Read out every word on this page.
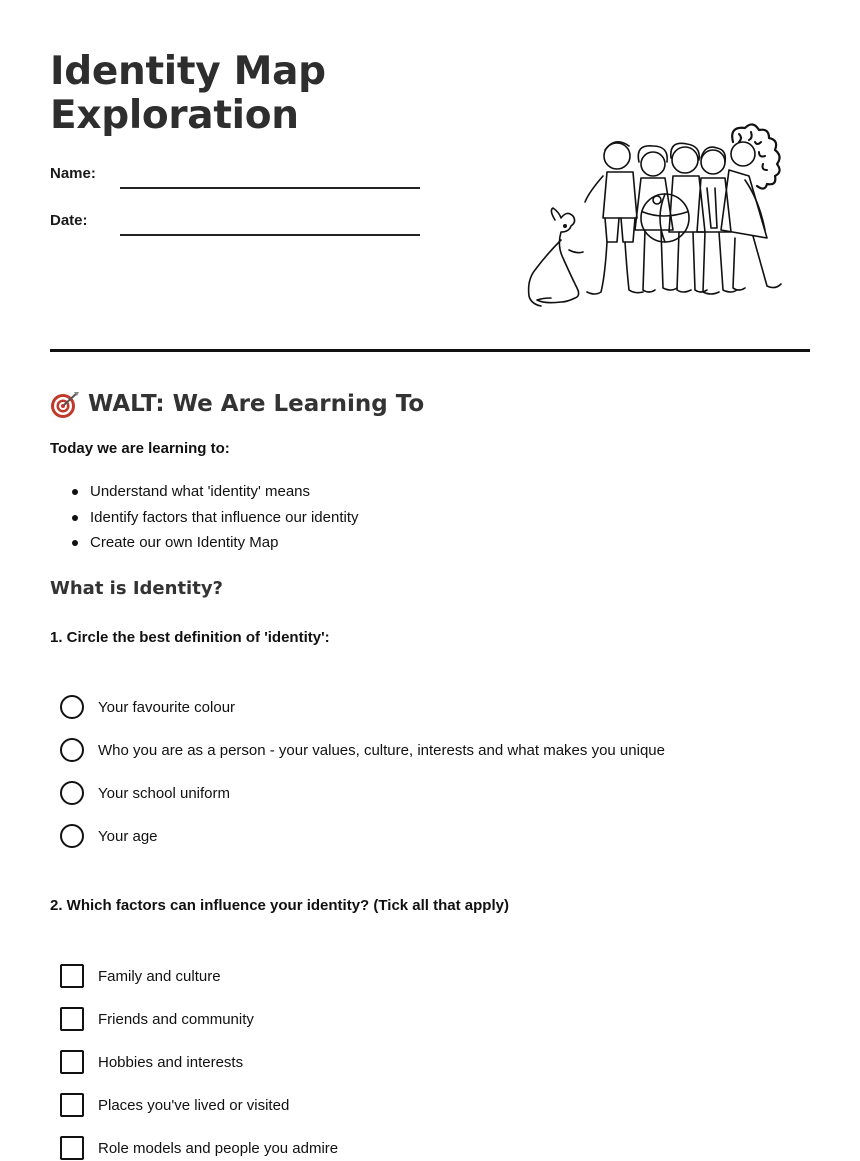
Identity Map
Exploration
Name:
Date:
WALT: We Are Learning To
Today we are learning to:
Understand what 'identity' means
Identify factors that influence our identity
Create our own Identity Map
What is Identity?
1. Circle the best definition of 'identity':
Your favourite colour
Who you are as a person - your values, culture, interests and what makes you unique
Your school uniform
Your age
2. Which factors can influence your identity? (Tick all that apply)
Family and culture
Friends and community
Hobbies and interests
Places you've lived or visited
Role models and people you admire
